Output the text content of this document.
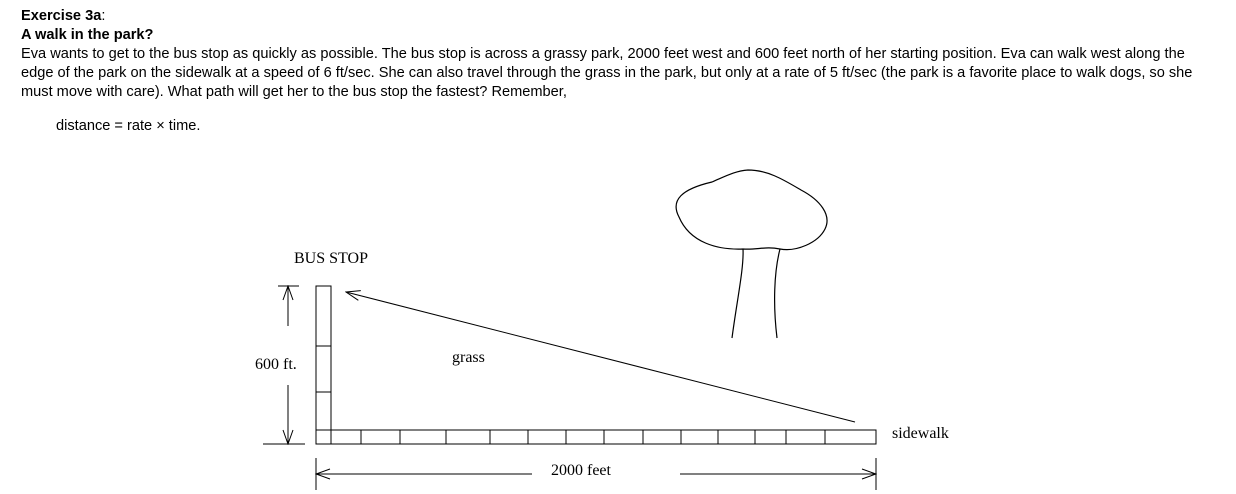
Exercise 3a:
A walk in the park?
Eva wants to get to the bus stop as quickly as possible. The bus stop is across a grassy park, 2000 feet west and 600 feet north of her starting position. Eva can walk west along the edge of the park on the sidewalk at a speed of 6 ft/sec. She can also travel through the grass in the park, but only at a rate of 5 ft/sec (the park is a favorite place to walk dogs, so she must move with care). What path will get her to the bus stop the fastest? Remember,
distance = rate × time.
BUS STOP
600 ft.	grass
sidewalk
2000 feet
